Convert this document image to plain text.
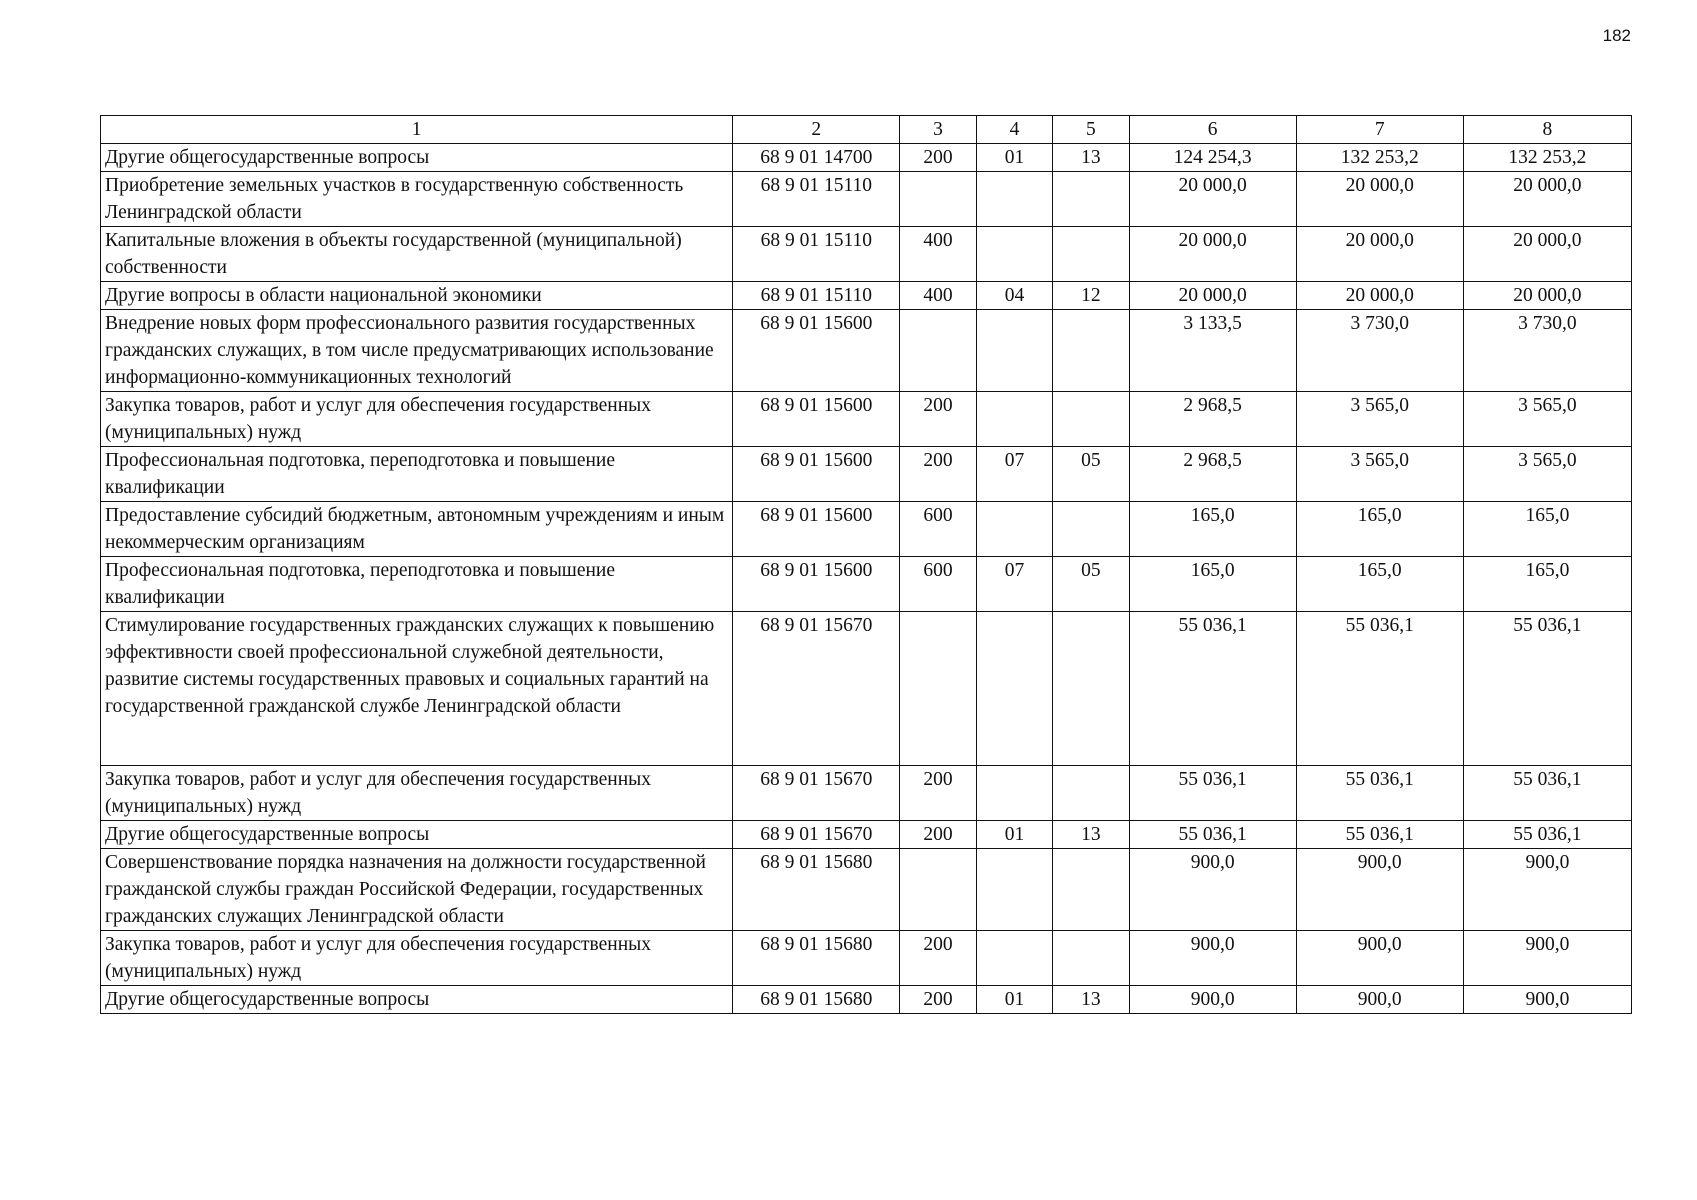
182
1	2	3	4	5	6	7	8
Другие общегосударственные вопросы	68 9 01 14700	200	01	13	124 254,3	132 253,2	132 253,2
Приобретение земельных участков в государственную собственность Ленинградской области	68 9 01 15110				20 000,0	20 000,0	20 000,0
Капитальные вложения в объекты государственной (муниципальной) собственности	68 9 01 15110	400			20 000,0	20 000,0	20 000,0
Другие вопросы в области национальной экономики	68 9 01 15110	400	04	12	20 000,0	20 000,0	20 000,0
Внедрение новых форм профессионального развития государственных гражданских служащих, в том числе предусматривающих использование информационно-коммуникационных технологий	68 9 01 15600				3 133,5	3 730,0	3 730,0
Закупка товаров, работ и услуг для обеспечения государственных (муниципальных) нужд	68 9 01 15600	200			2 968,5	3 565,0	3 565,0
Профессиональная подготовка, переподготовка и повышение квалификации	68 9 01 15600	200	07	05	2 968,5	3 565,0	3 565,0
Предоставление субсидий бюджетным, автономным учреждениям и иным некоммерческим организациям	68 9 01 15600	600			165,0	165,0	165,0
Профессиональная подготовка, переподготовка и повышение квалификации	68 9 01 15600	600	07	05	165,0	165,0	165,0
Стимулирование государственных гражданских служащих к повышению эффективности своей профессиональной служебной деятельности, развитие системы государственных правовых и социальных гарантий на государственной гражданской службе Ленинградской области	68 9 01 15670				55 036,1	55 036,1	55 036,1
Закупка товаров, работ и услуг для обеспечения государственных (муниципальных) нужд	68 9 01 15670	200			55 036,1	55 036,1	55 036,1
Другие общегосударственные вопросы	68 9 01 15670	200	01	13	55 036,1	55 036,1	55 036,1
Совершенствование порядка назначения на должности государственной гражданской службы граждан Российской Федерации, государственных гражданских служащих Ленинградской области	68 9 01 15680				900,0	900,0	900,0
Закупка товаров, работ и услуг для обеспечения государственных (муниципальных) нужд	68 9 01 15680	200			900,0	900,0	900,0
Другие общегосударственные вопросы	68 9 01 15680	200	01	13	900,0	900,0	900,0
